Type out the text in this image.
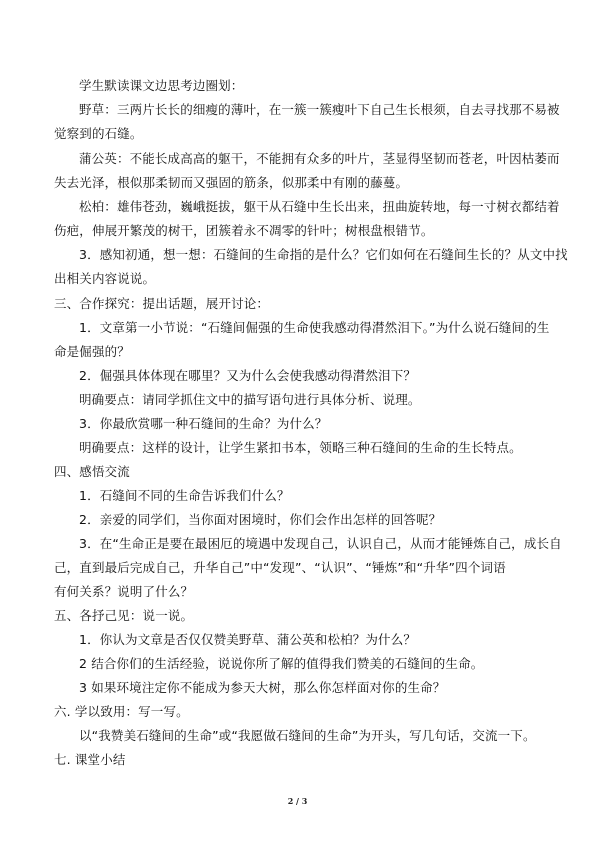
学生默读课文边思考边圈划：
野草：三两片长长的细瘦的薄叶，在一簇一簇瘦叶下自己生长根须，自去寻找那不易被
觉察到的石缝。
蒲公英：不能长成高高的躯干，不能拥有众多的叶片，茎显得坚韧而苍老，叶因枯萎而
失去光泽，根似那柔韧而又强固的筋条，似那柔中有刚的藤蔓。
松柏：雄伟苍劲，巍峨挺拔，躯干从石缝中生长出来，扭曲旋转地，每一寸树衣都结着
伤疤，伸展开繁茂的树干，团簇着永不凋零的针叶；树根盘根错节。
3．感知初通，想一想：石缝间的生命指的是什么？它们如何在石缝间生长的？从文中找
出相关内容说说。
三、合作探究：提出话题，展开讨论：
1．文章第一小节说：“石缝间倔强的生命使我感动得潸然泪下。”为什么说石缝间的生
命是倔强的？
2．倔强具体体现在哪里？又为什么会使我感动得潸然泪下？
明确要点：请同学抓住文中的描写语句进行具体分析、说理。
3．你最欣赏哪一种石缝间的生命？为什么？
明确要点：这样的设计，让学生紧扣书本，领略三种石缝间的生命的生长特点。
四、感悟交流
1．石缝间不同的生命告诉我们什么？
2．亲爱的同学们，当你面对困境时，你们会作出怎样的回答呢？
3．在“生命正是要在最困厄的境遇中发现自己，认识自己，从而才能锤炼自己，成长自
己，直到最后完成自己，升华自己”中“发现”、“认识”、“锤炼”和“升华”四个词语
有何关系？说明了什么？
五、各抒己见：说一说。
1．你认为文章是否仅仅赞美野草、蒲公英和松柏？为什么？
2 结合你们的生活经验，说说你所了解的值得我们赞美的石缝间的生命。
3 如果环境注定你不能成为参天大树，那么你怎样面对你的生命？
六. 学以致用：写一写。
以“我赞美石缝间的生命”或“我愿做石缝间的生命”为开头，写几句话，交流一下。
七. 课堂小结
2 / 3
